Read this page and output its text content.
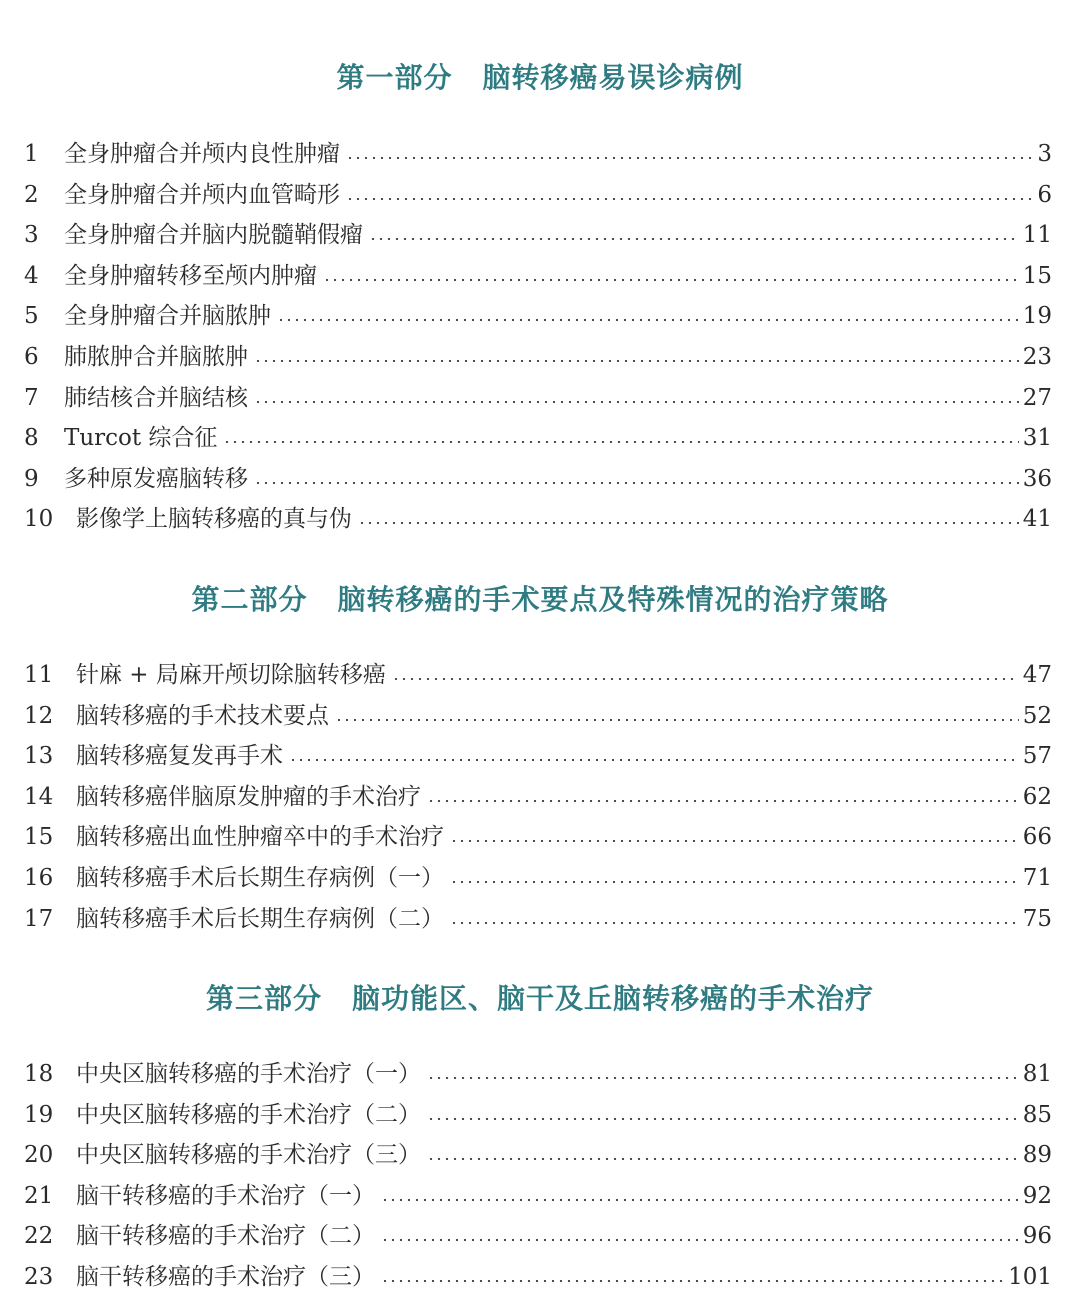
第一部分 脑转移癌易误诊病例
1 全身肿瘤合并颅内良性肿瘤	3
2 全身肿瘤合并颅内血管畸形	6
3 全身肿瘤合并脑内脱髓鞘假瘤	11
4 全身肿瘤转移至颅内肿瘤	15
5 全身肿瘤合并脑脓肿	19
6 肺脓肿合并脑脓肿	23
7 肺结核合并脑结核	27
8 Turcot 综合征	31
9 多种原发癌脑转移	36
10 影像学上脑转移癌的真与伪	41
第二部分 脑转移癌的手术要点及特殊情况的治疗策略
11 针麻 + 局麻开颅切除脑转移癌	47
12 脑转移癌的手术技术要点	52
13 脑转移癌复发再手术	57
14 脑转移癌伴脑原发肿瘤的手术治疗	62
15 脑转移癌出血性肿瘤卒中的手术治疗	66
16 脑转移癌手术后长期生存病例（一）	71
17 脑转移癌手术后长期生存病例（二）	75
第三部分 脑功能区、脑干及丘脑转移癌的手术治疗
18 中央区脑转移癌的手术治疗（一）	81
19 中央区脑转移癌的手术治疗（二）	85
20 中央区脑转移癌的手术治疗（三）	89
21 脑干转移癌的手术治疗（一）	92
22 脑干转移癌的手术治疗（二）	96
23 脑干转移癌的手术治疗（三）	101
